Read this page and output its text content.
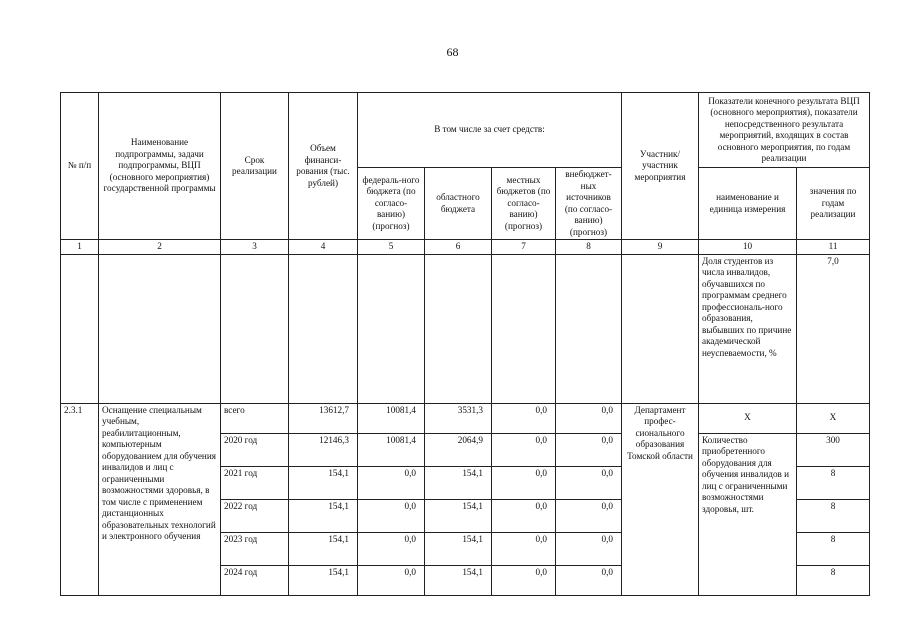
68
№ п/п	Наименование подпрограммы, задачи подпрограммы, ВЦП (основного мероприятия) государственной программы	Срок реализации	Объем финанси-рования (тыс. рублей)	В том числе за счет средств:				Участник/ участник мероприятия	Показатели конечного результата ВЦП (основного мероприятия), показатели непосредственного результата мероприятий, входящих в состав основного мероприятия, по годам реализации	
				федераль-ного бюджета (по согласо-ванию) (прогноз)	областного бюджета	местных бюджетов (по согласо-ванию) (прогноз)	внебюджет-ных источников (по согласо-ванию) (прогноз)		наименование и единица измерения	значения по годам реализации

1	2	3	4	5	6	7	8	9	10	11
									Доля студентов из числа инвалидов, обучавшихся по программам среднего профессиональ-ного образования, выбывших по причине академической неуспеваемости, %	7,0
2.3.1	Оснащение специальным учебным, реабилитационным, компьютерным оборудованием для обучения инвалидов и лиц с ограниченными возможностями здоровья, в том числе с применением дистанционных образовательных технологий и электронного обучения	всего	13612,7	10081,4	3531,3	0,0	0,0	Департамент профес-сионального образования Томской области	Х	Х
		2020 год	12146,3	10081,4	2064,9	0,0	0,0		Количество приобретенного оборудования для обучения инвалидов и лиц с ограниченными возможностями здоровья, шт.	300
		2021 год	154,1	0,0	154,1	0,0	0,0			8
		2022 год	154,1	0,0	154,1	0,0	0,0			8
		2023 год	154,1	0,0	154,1	0,0	0,0			8
		2024 год	154,1	0,0	154,1	0,0	0,0			8
